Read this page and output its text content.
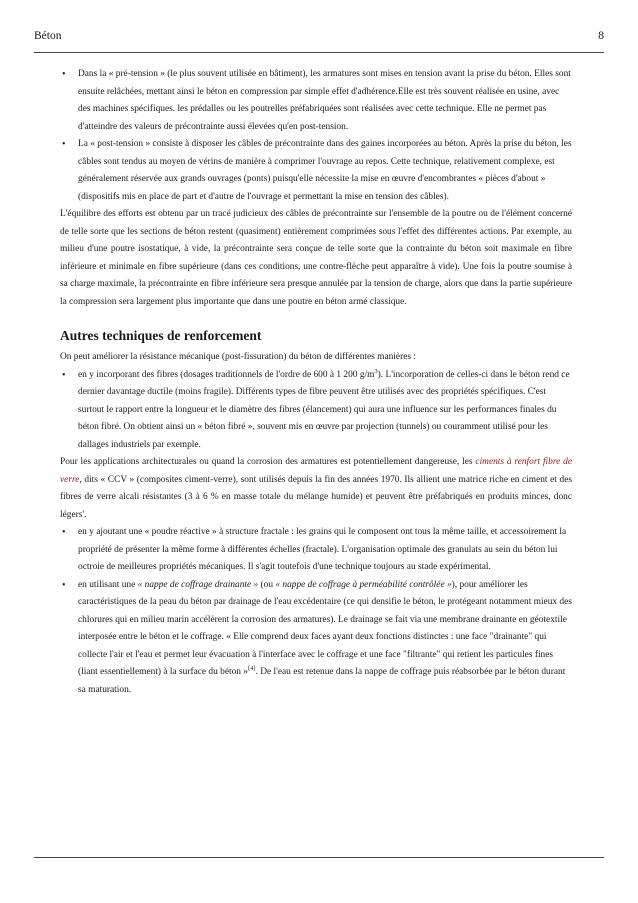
Béton	8
• Dans la « pré-tension » (le plus souvent utilisée en bâtiment), les armatures sont mises en tension avant la prise du béton. Elles sont ensuite relâchées, mettant ainsi le béton en compression par simple effet d'adhérence.Elle est très souvent réalisée en usine, avec des machines spécifiques. les prédalles ou les poutrelles préfabriquées sont réalisées avec cette technique. Elle ne permet pas d'atteindre des valeurs de précontrainte aussi élevées qu'en post-tension.
• La « post-tension » consiste à disposer les câbles de précontrainte dans des gaines incorporées au béton. Après la prise du béton, les câbles sont tendus au moyen de vérins de manière à comprimer l'ouvrage au repos. Cette technique, relativement complexe, est généralement réservée aux grands ouvrages (ponts) puisqu'elle nécessite la mise en œuvre d'encombrantes « pièces d'about » (dispositifs mis en place de part et d'autre de l'ouvrage et permettant la mise en tension des câbles).

L'équilibre des efforts est obtenu par un tracé judicieux des câbles de précontrainte sur l'ensemble de la poutre ou de l'élément concerné de telle sorte que les sections de béton restent (quasiment) entièrement comprimées sous l'effet des différentes actions. Par exemple, au milieu d'une poutre isostatique, à vide, la précontrainte sera conçue de telle sorte que la contrainte du béton soit maximale en fibre inférieure et minimale en fibre supérieure (dans ces conditions, une contre-flèche peut apparaître à vide). Une fois la poutre soumise à sa charge maximale, la précontrainte en fibre inférieure sera presque annulée par la tension de charge, alors que dans la partie supérieure la compression sera largement plus importante que dans une poutre en béton armé classique.

Autres techniques de renforcement

On peut améliorer la résistance mécanique (post-fissuration) du béton de différentes manières :

• en y incorporant des fibres (dosages traditionnels de l'ordre de 600 à 1 200 $g/m^3$). L'incorporation de celles-ci dans le béton rend ce dernier davantage ductile (moins fragile). Différents types de fibre peuvent être utilisés avec des propriétés spécifiques. C'est surtout le rapport entre la longueur et le diamètre des fibres (élancement) qui aura une influence sur les performances finales du béton fibré. On obtient ainsi un « béton fibré », souvent mis en œuvre par projection (tunnels) ou couramment utilisé pour les dallages industriels par exemple.

Pour les applications architecturales ou quand la corrosion des armatures est potentiellement dangereuse, les ciments à renfort fibre de verre, dits « CCV » (composites ciment-verre), sont utilisés depuis la fin des années 1970. Ils allient une matrice riche en ciment et des fibres de verre alcali résistantes (3 à 6 % en masse totale du mélange humide) et peuvent être préfabriqués en produits minces, donc légers'.

• en y ajoutant une « poudre réactive » à structure fractale : les grains qui le composent ont tous la même taille, et accessoirement la propriété de présenter la même forme à différentes échelles (fractale). L'organisation optimale des granulats au sein du béton lui octroie de meilleures propriétés mécaniques. Il s'agit toutefois d'une technique toujours au stade expérimental.
• en utilisant une « nappe de coffrage drainante » (ou « nappe de coffrage à perméabilité contrôlée »), pour améliorer les caractéristiques de la peau du béton par drainage de l'eau excédentaire (ce qui densifie le béton, le protégeant notamment mieux des chlorures qui en milieu marin accélèrent la corrosion des armatures). Le drainage se fait via une membrane drainante en géotextile interposée entre le béton et le coffrage. « Elle comprend deux faces ayant deux fonctions distinctes : une face "drainante" qui collecte l'air et l'eau et permet leur évacuation à l'interface avec le coffrage et une face "filtrante" qui retient les particules fines (liant essentiellement) à la surface du béton »[4]. De l'eau est retenue dans la nappe de coffrage puis réabsorbée par le béton durant sa maturation.
